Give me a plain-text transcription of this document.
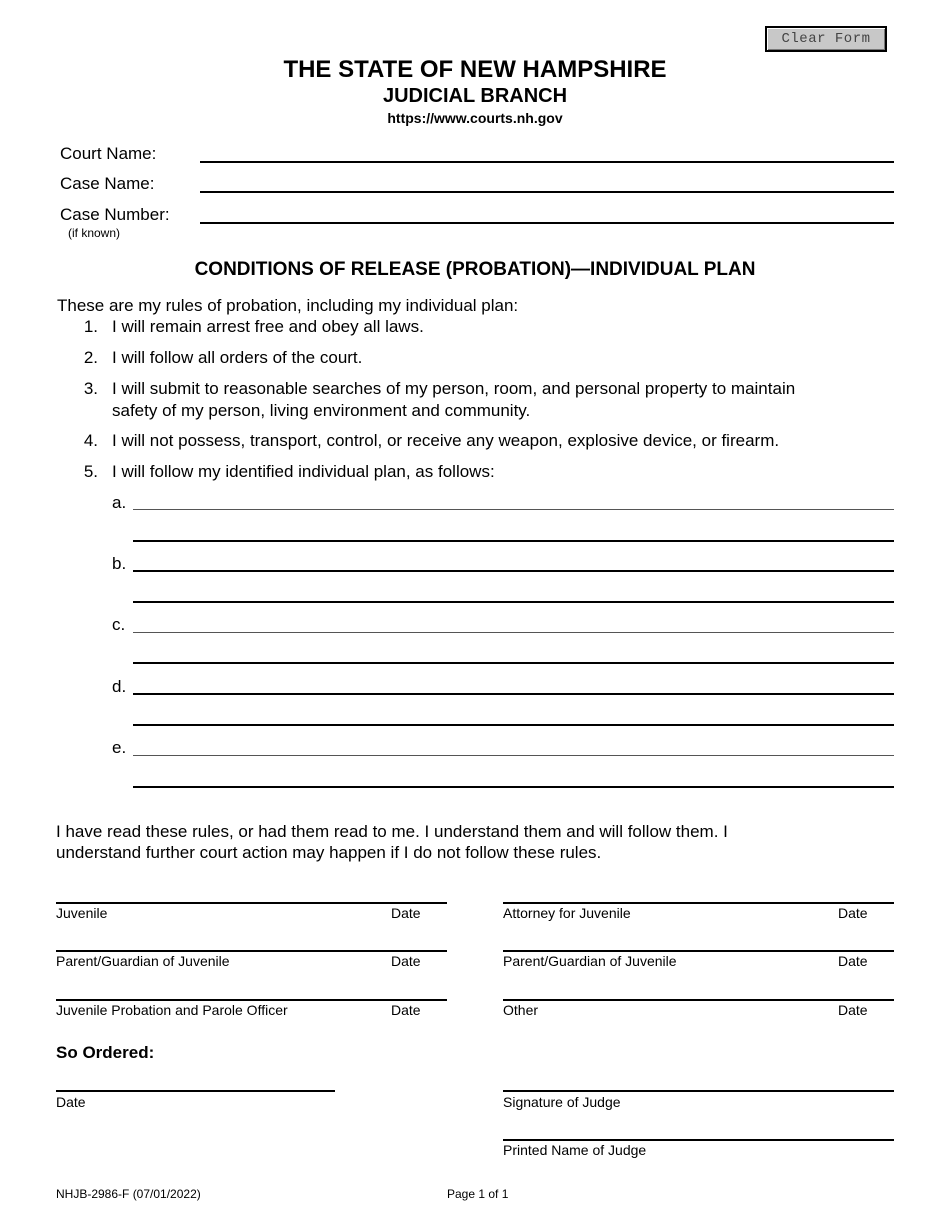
Clear Form
THE STATE OF NEW HAMPSHIRE
JUDICIAL BRANCH
https://www.courts.nh.gov
Court Name:
Case Name:
Case Number:
(if known)
CONDITIONS OF RELEASE (PROBATION)—INDIVIDUAL PLAN
These are my rules of probation, including my individual plan:
1. I will remain arrest free and obey all laws.
2. I will follow all orders of the court.
3. I will submit to reasonable searches of my person, room, and personal property to maintain
safety of my person, living environment and community.
4. I will not possess, transport, control, or receive any weapon, explosive device, or firearm.
5. I will follow my identified individual plan, as follows:
a.
b.
c.
d.
e.
I have read these rules, or had them read to me. I understand them and will follow them. I
understand further court action may happen if I do not follow these rules.
Juvenile	Date
Parent/Guardian of Juvenile	Date
Juvenile Probation and Parole Officer	Date
Attorney for Juvenile	Date
Parent/Guardian of Juvenile	Date
Other	Date
So Ordered:
Date	Signature of Judge
Printed Name of Judge
NHJB-2986-F (07/01/2022)	Page 1 of 1
